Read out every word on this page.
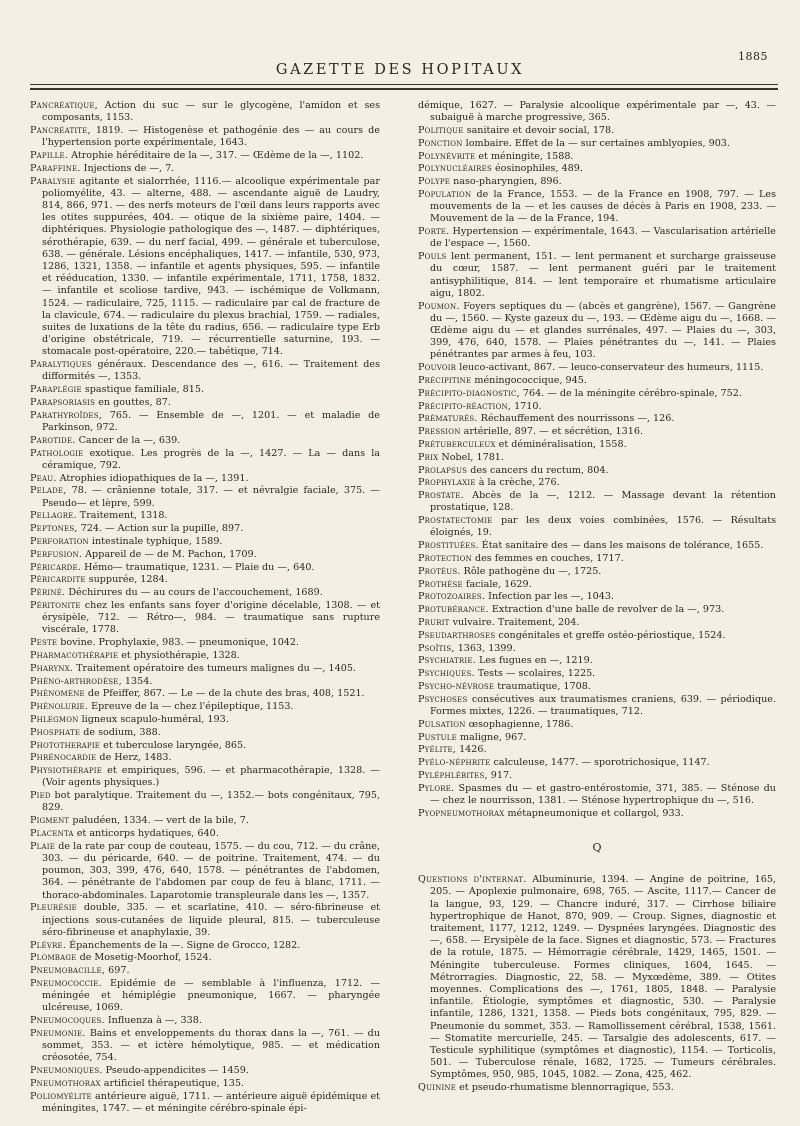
1885
GAZETTE DES HOPITAUX

Pancréatique, Action du suc — sur le glycogène, l'amidon et ses composants, 1153.

Pancréatite, 1819. — Histogenèse et pathogénie des — au cours de l'hypertension porte expérimentale, 1643.

Papille. Atrophie héréditaire de la —, 317. — Œdème de la —, 1102.

Paraffine. Injections de —, 7.

Paralysie agitante et sialorrhée, 1116.— alcoolique expérimentale par poliomyélite, 43. — alterne, 488. — ascendante aiguë de Laudry, 814, 866, 971. — des nerfs moteurs de l'œil dans leurs rapports avec les otites suppurées, 404. — otique de la sixième paire, 1404. — diphtériques. Physiologie pathologique des —, 1487. — diphtériques, sérothérapie, 639. — du nerf facial, 499. — générale et tuberculose, 638. — générale. Lésions encéphaliques, 1417. — infantile, 530, 973, 1286, 1321, 1358. — infantile et agents physiques, 595. — infantile et rééducation, 1330. — infantile expérimentale, 1711, 1758, 1832. — infantile et scoliose tardive, 943. — ischémique de Volkmann, 1524. — radiculaire, 725, 1115. — radiculaire par cal de fracture de la clavicule, 674. — radiculaire du plexus brachial, 1759. — radiales, suites de luxations de la tête du radius, 656. — radiculaire type Erb d'origine obstétricale, 719. — récurrentielle saturnine, 193. — stomacale post-opératoire, 220.— tabétique, 714.

Paralytiques généraux. Descendance des —, 616. — Traitement des difformités —, 1353.

Paraplégie spastique familiale, 815.

Parapsoriasis en gouttes, 87.

Parathyroïdes, 765. — Ensemble de —, 1201. — et maladie de Parkinson, 972.

Parotide. Cancer de la —, 639.

Pathologie exotique. Les progrès de la —, 1427. — La — dans la céramique, 792.

Peau. Atrophies idiopathiques de la —, 1391.

Pelade, 78. — crânienne totale, 317. — et névralgie faciale, 375. — Pseudo— et lèpre, 599.

Pellagre. Traitement, 1318.

Peptones, 724. — Action sur la pupille, 897.

Perforation intestinale typhique, 1589.

Perfusion. Appareil de — de M. Pachon, 1709.

Péricarde. Hémo— traumatique, 1231. — Plaie du —, 640.

Péricardite suppurée, 1284.

Périné. Déchirures du — au cours de l'accouchement, 1689.

Péritonite chez les enfants sans foyer d'origine décelable, 1308. — et érysipèle, 712. — Rétro—, 984. — traumatique sans rupture viscérale, 1778.

Peste bovine. Prophylaxie, 983. — pneumonique, 1042.

Pharmacothérapie et physiothérapie, 1328.

Pharynx. Traitement opératoire des tumeurs malignes du —, 1405.

Phéno-arthrodèse, 1354.

Phénomène de Pfeiffer, 867. — Le — de la chute des bras, 408, 1521.

Phénolurie. Epreuve de la — chez l'épileptique, 1153.

Phlegmon ligneux scapulo-huméral, 193.

Phosphate de sodium, 388.

Phototherapie et tuberculose laryngée, 865.

Phrénocardie de Herz, 1483.

Physiothérapie et empiriques, 596. — et pharmacothérapie, 1328. — (Voir agents physiques.)

Pied bot paralytique. Traitement du —, 1352.— bots congénitaux, 795, 829.

Pigment paludéen, 1334. — vert de la bile, 7.

Placenta et anticorps hydatiques, 640.

Plaie de la rate par coup de couteau, 1575. — du cou, 712. — du crâne, 303. — du péricarde, 640. — de poitrine. Traitement, 474. — du poumon, 303, 399, 476, 640, 1578. — pénétrantes de l'abdomen, 364. — pénétrante de l'abdomen par coup de feu à blanc, 1711. — thoraco-abdominales. Laparotomie transpleurale dans les —, 1357.

Pleurésie double, 335. — et scarlatine, 410. — séro-fibrineuse et injections sous-cutanées de liquide pleural, 815. — tuberculeuse séro-fibrineuse et anaphylaxie, 39.

Plèvre. Épanchements de la —. Signe de Grocco, 1282.

Plombage de Mosetig-Moorhof, 1524.

Pneumobacille, 697.

Pneumococcie. Epidémie de — semblable à l'influenza, 1712. — méningée et hémiplégie pneumonique, 1667. — pharyngée ulcéreuse, 1069.

Pneumocoques. Influenza à —, 338.

Pneumonie. Bains et enveloppements du thorax dans la —, 761. — du sommet, 353. — et ictère hémolytique, 985. — et médication créosotée, 754.

Pneumoniques. Pseudo-appendicites — 1459.

Pneumothorax artificiel thérapeutique, 135.

Poliomyélite antérieure aiguë, 1711. — antérieure aiguë épidémique et méningites, 1747. — et méningite cérébro-spinale épi-

démique, 1627. — Paralysie alcoolique expérimentale par —, 43. — subaiguë à marche progressive, 365.

Politique sanitaire et devoir social, 178.

Ponction lombaire. Effet de la — sur certaines amblyopies, 903.

Polynévrite et méningite, 1588.

Polynucléaires éosinophiles, 489.

Polype naso-pharyngien, 896.

Population de la France, 1553. — de la France en 1908, 797. — Les mouvements de la — et les causes de décès à Paris en 1908, 233. — Mouvement de la — de la France, 194.

Porte. Hypertension — expérimentale, 1643. — Vascularisation artérielle de l'espace —, 1560.

Pouls lent permanent, 151. — lent permanent et surcharge graisseuse du cœur, 1587. — lent permanent guéri par le traitement antisyphilitique, 814. — lent temporaire et rhumatisme articulaire aigu, 1802.

Poumon. Foyers septiques du — (abcès et gangrène), 1567. — Gangrène du —, 1560. — Kyste gazeux du —, 193. — Œdème aigu du —, 1668. — Œdème aigu du — et glandes surrénales, 497. — Plaies du —, 303, 399, 476, 640, 1578. — Plaies pénétrantes du —, 141. — Plaies pénétrantes par armes à feu, 103.

Pouvoir leuco-activant, 867. — leuco-conservateur des humeurs, 1115.

Précipitine méningococcique, 945.

Précipito-diagnostic, 764. — de la méningite cérébro-spinale, 752.

Précipito-réaction, 1710.

Prématurés. Réchauffement des nourrissons —, 126.

Pression artérielle, 897. — et sécrétion, 1316.

Prétuberculeux et déminéralisation, 1558.

Prix Nobel, 1781.

Prolapsus des cancers du rectum, 804.

Prophylaxie à la crèche, 276.

Prostate. Abcès de la —, 1212. — Massage devant la rétention prostatique, 128.

Prostatectomie par les deux voies combinées, 1576. — Résultats éloignés, 19.

Prostituées. État sanitaire des — dans les maisons de tolérance, 1655.

Protection des femmes en couches, 1717.

Protéus. Rôle pathogène du —, 1725.

Prothèse faciale, 1629.

Protozoaires. Infection par les —, 1043.

Protubérance. Extraction d'une balle de revolver de la —, 973.

Prurit vulvaire. Traitement, 204.

Pseudarthroses congénitales et greffe ostéo-périostique, 1524.

Psoïtis, 1363, 1399.

Psychiatrie. Les fugues en —, 1219.

Psychiques. Tests — scolaires, 1225.

Psycho-névrose traumatique, 1708.

Psychoses consécutives aux traumatismes craniens, 639. — périodique. Formes mixtes, 1226. — traumatiques, 712.

Pulsation œsophagienne, 1786.

Pustule maligne, 967.

Pyélite, 1426.

Pyélo-néphrite calculeuse, 1477. — sporotrichosique, 1147.

Pyléphlébites, 917.

Pylore. Spasmes du — et gastro-entérostomie, 371, 385. — Sténose du — chez le nourrisson, 1381. — Sténose hypertrophique du —, 516.

Pyopneumothorax métapneumonique et collargol, 933.

Q

Questions d'internat. Albuminurie, 1394. — Angine de poitrine, 165, 205. — Apoplexie pulmonaire, 698, 765. — Ascite, 1117.— Cancer de la langue, 93, 129. — Chancre induré, 317. — Cirrhose biliaire hypertrophique de Hanot, 870, 909. — Croup. Signes, diagnostic et traitement, 1177, 1212, 1249. — Dyspnées laryngées. Diagnostic des —, 658. — Erysipèle de la face. Signes et diagnostic, 573. — Fractures de la rotule, 1875. — Hémorragie cérébrale, 1429, 1465, 1501. — Méningite tuberculeuse. Formes cliniques, 1604, 1645. — Métrorragies. Diagnostic, 22, 58. — Myxœdème, 389. — Otites moyennes. Complications des —, 1761, 1805, 1848. — Paralysie infantile. Étiologie, symptômes et diagnostic, 530. — Paralysie infantile, 1286, 1321, 1358. — Pieds bots congénitaux, 795, 829. — Pneumonie du sommet, 353. — Ramollissement cérébral, 1538, 1561. — Stomatite mercurielle, 245. — Tarsalgie des adolescents, 617. — Testicule syphilitique (symptômes et diagnostic), 1154. — Torticolis, 501. — Tuberculose rénale, 1682, 1725. — Tumeurs cérébrales. Symptômes, 950, 985, 1045, 1082. — Zona, 425, 462.

Quinine et pseudo-rhumatisme blennorragique, 553.
